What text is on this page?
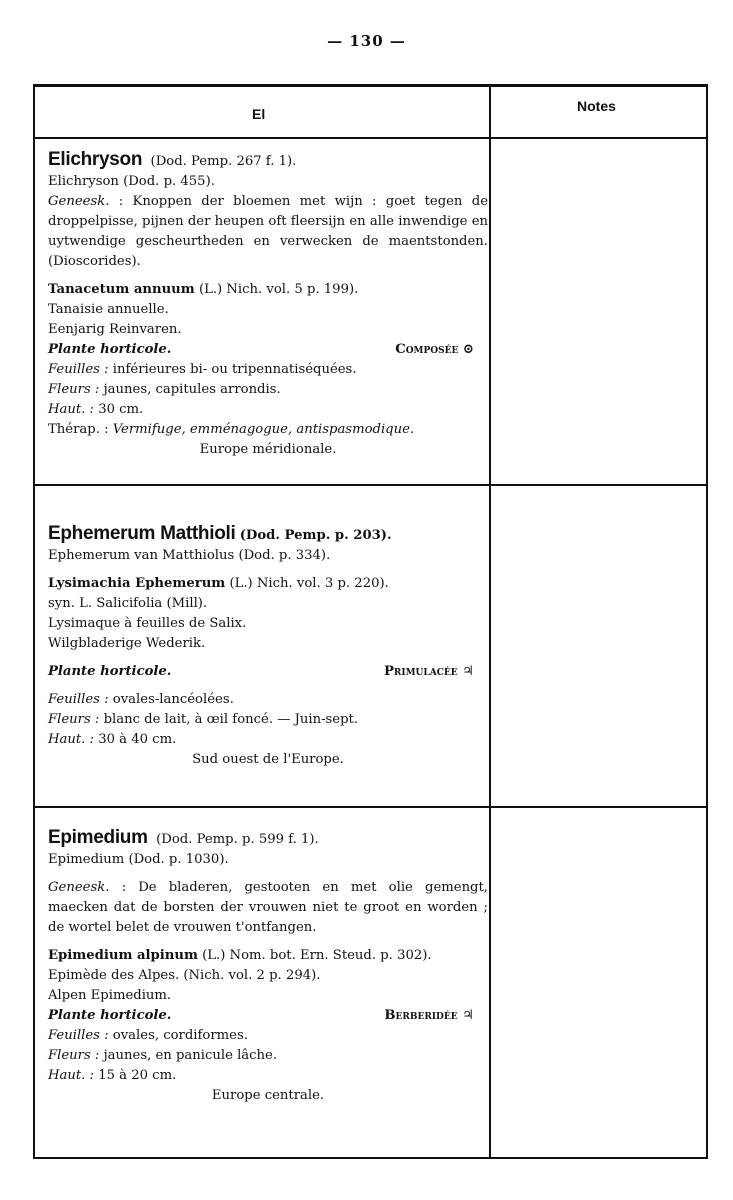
— 130 —
El	Notes
Elichryson (Dod. Pemp. 267 f. 1).
Elichryson (Dod. p. 455).
Geneesk. : Knoppen der bloemen met wijn : goet tegen de droppelpisse, pijnen der heupen oft fleersijn en alle inwendige en uytwendige gescheurtheden en verwecken de maentstonden. (Dioscorides).
Tanacetum annuum (L.) Nich. vol. 5 p. 199).
Tanaisie annuelle.
Eenjarig Reinvaren.
Plante horticole.	Composée ⊙
Feuilles : inférieures bi- ou tripennatiséquées.
Fleurs : jaunes, capitules arrondis.
Haut. : 30 cm.
Thérap. : Vermifuge, emménagogue, antispasmodique.
Europe méridionale.
Ephemerum Matthioli (Dod. Pemp. p. 203).
Ephemerum van Matthiolus (Dod. p. 334).
Lysimachia Ephemerum (L.) Nich. vol. 3 p. 220).
syn. L. Salicifolia (Mill).
Lysimaque à feuilles de Salix.
Wilgbladerige Wederik.
Plante horticole.	Primulacée ♃
Feuilles : ovales-lancéolées.
Fleurs : blanc de lait, à œil foncé. — Juin-sept.
Haut. : 30 à 40 cm.
Sud ouest de l'Europe.
Epimedium (Dod. Pemp. p. 599 f. 1).
Epimedium (Dod. p. 1030).
Geneesk. : De bladeren, gestooten en met olie gemengt, maecken dat de borsten der vrouwen niet te groot en worden ; de wortel belet de vrouwen t'ontfangen.
Epimedium alpinum (L.) Nom. bot. Ern. Steud. p. 302).
Epimède des Alpes. (Nich. vol. 2 p. 294).
Alpen Epimedium.
Plante horticole.	Berberidée ♃
Feuilles : ovales, cordiformes.
Fleurs : jaunes, en panicule lâche.
Haut. : 15 à 20 cm.
Europe centrale.
